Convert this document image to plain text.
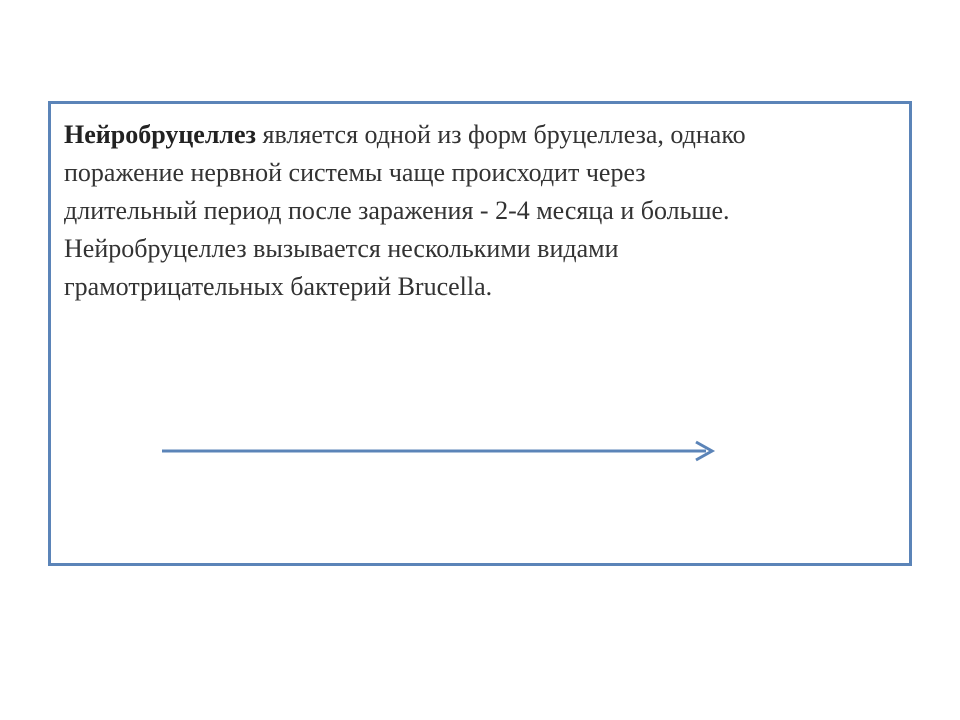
Нейробруцеллез является одной из форм бруцеллеза, однако
поражение нервной системы чаще происходит через
длительный период после заражения - 2-4 месяца и больше.
Нейробруцеллез вызывается несколькими видами
грамотрицательных бактерий Brucella.
